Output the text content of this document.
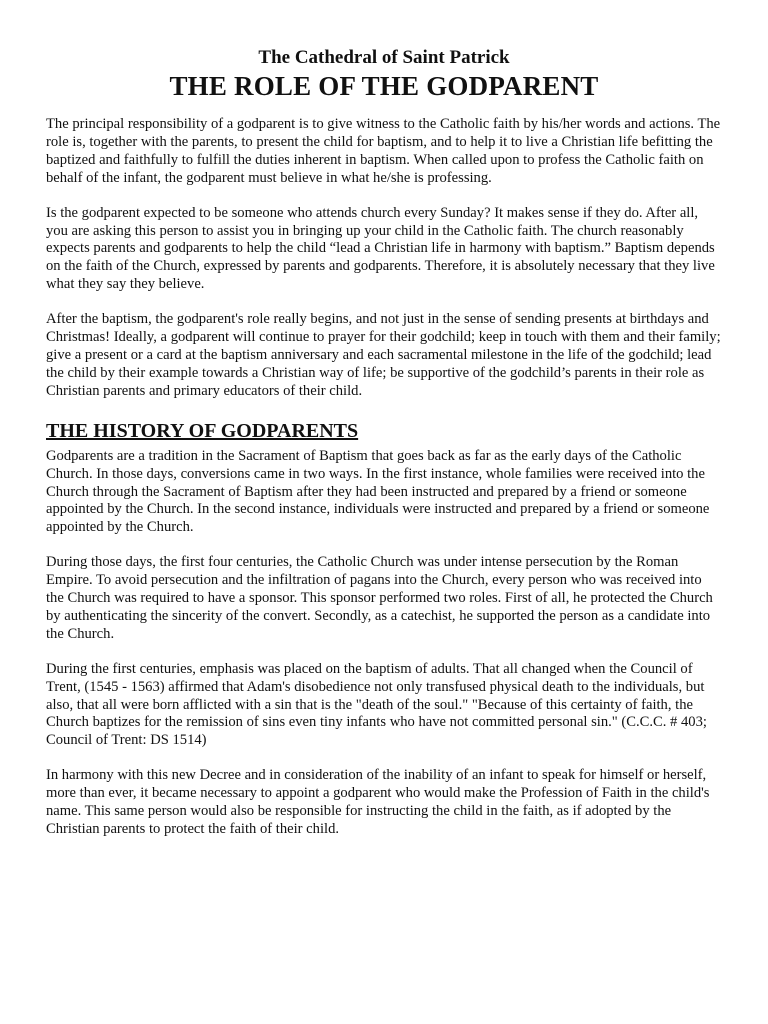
The Cathedral of Saint Patrick
THE ROLE OF THE GODPARENT

The principal responsibility of a godparent is to give witness to the Catholic faith by his/her words and actions. The role is, together with the parents, to present the child for baptism, and to help it to live a Christian life befitting the baptized and faithfully to fulfill the duties inherent in baptism. When called upon to profess the Catholic faith on behalf of the infant, the godparent must believe in what he/she is professing.

Is the godparent expected to be someone who attends church every Sunday? It makes sense if they do. After all, you are asking this person to assist you in bringing up your child in the Catholic faith. The church reasonably expects parents and godparents to help the child “lead a Christian life in harmony with baptism.” Baptism depends on the faith of the Church, expressed by parents and godparents. Therefore, it is absolutely necessary that they live what they say they believe.

After the baptism, the godparent's role really begins, and not just in the sense of sending presents at birthdays and Christmas! Ideally, a godparent will continue to prayer for their godchild; keep in touch with them and their family; give a present or a card at the baptism anniversary and each sacramental milestone in the life of the godchild; lead the child by their example towards a Christian way of life; be supportive of the godchild’s parents in their role as Christian parents and primary educators of their child.

THE HISTORY OF GODPARENTS

Godparents are a tradition in the Sacrament of Baptism that goes back as far as the early days of the Catholic Church. In those days, conversions came in two ways. In the first instance, whole families were received into the Church through the Sacrament of Baptism after they had been instructed and prepared by a friend or someone appointed by the Church. In the second instance, individuals were instructed and prepared by a friend or someone appointed by the Church.

During those days, the first four centuries, the Catholic Church was under intense persecution by the Roman Empire. To avoid persecution and the infiltration of pagans into the Church, every person who was received into the Church was required to have a sponsor. This sponsor performed two roles. First of all, he protected the Church by authenticating the sincerity of the convert. Secondly, as a catechist, he supported the person as a candidate into the Church.

During the first centuries, emphasis was placed on the baptism of adults. That all changed when the Council of Trent, (1545 - 1563) affirmed that Adam's disobedience not only transfused physical death to the individuals, but also, that all were born afflicted with a sin that is the "death of the soul." "Because of this certainty of faith, the Church baptizes for the remission of sins even tiny infants who have not committed personal sin." (C.C.C. # 403; Council of Trent: DS 1514)

In harmony with this new Decree and in consideration of the inability of an infant to speak for himself or herself, more than ever, it became necessary to appoint a godparent who would make the Profession of Faith in the child's name. This same person would also be responsible for instructing the child in the faith, as if adopted by the Christian parents to protect the faith of their child.
